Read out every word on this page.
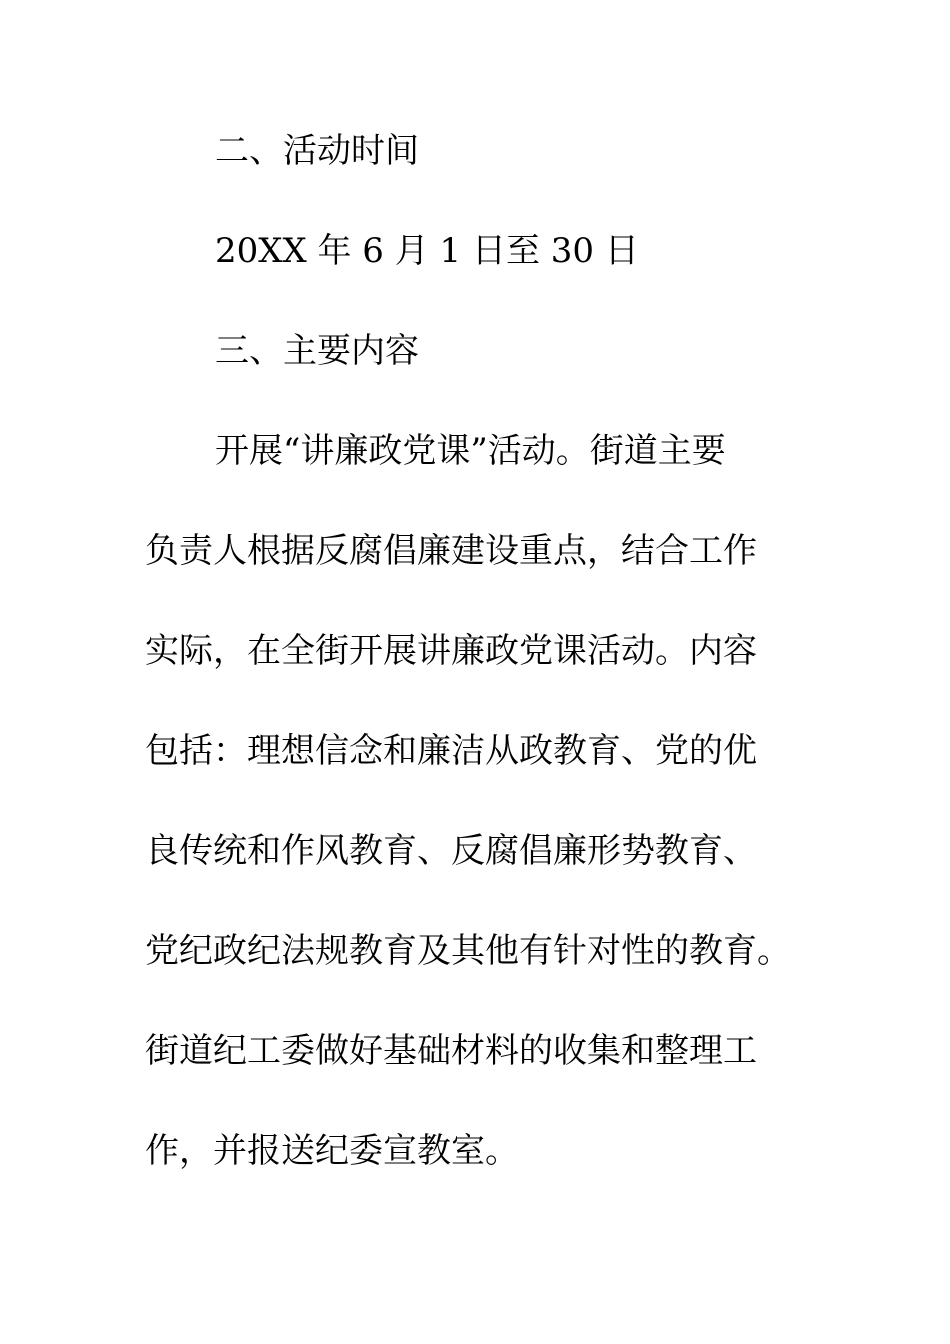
二、活动时间
20XX 年 6 月 1 日至 30 日
三、主要内容
开展“讲廉政党课”活动。街道主要
负责人根据反腐倡廉建设重点，结合工作
实际，在全街开展讲廉政党课活动。内容
包括：理想信念和廉洁从政教育、党的优
良传统和作风教育、反腐倡廉形势教育、
党纪政纪法规教育及其他有针对性的教育。
街道纪工委做好基础材料的收集和整理工
作，并报送纪委宣教室。
